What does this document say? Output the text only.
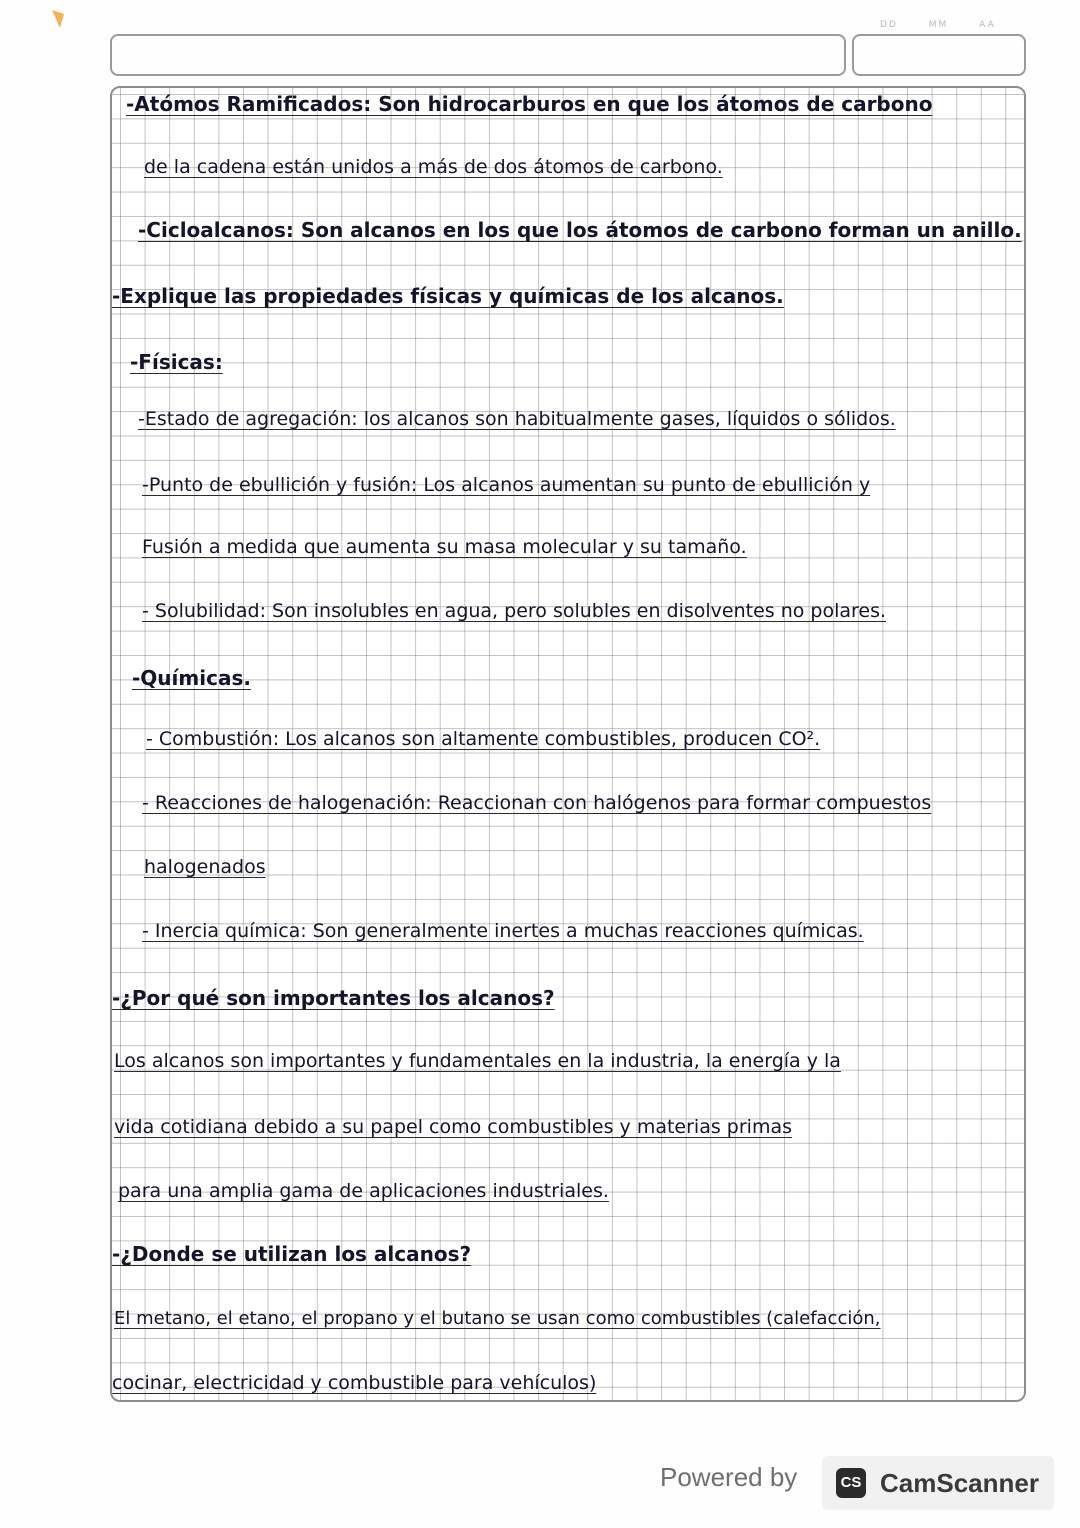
DD	MM	AA
-Atómos Ramificados: Son hidrocarburos en que los átomos de carbono
de la cadena están unidos a más de dos átomos de carbono.
-Cicloalcanos: Son alcanos en los que los átomos de carbono forman un anillo.
-Explique las propiedades físicas y químicas de los alcanos.
-Físicas:
-Estado de agregación: los alcanos son habitualmente gases, líquidos o sólidos.
-Punto de ebullición y fusión: Los alcanos aumentan su punto de ebullición y
Fusión a medida que aumenta su masa molecular y su tamaño.
- Solubilidad: Son insolubles en agua, pero solubles en disolventes no polares.
-Químicas.
- Combustión: Los alcanos son altamente combustibles, producen CO².
- Reacciones de halogenación: Reaccionan con halógenos para formar compuestos
halogenados
- Inercia química: Son generalmente inertes a muchas reacciones químicas.
-¿Por qué son importantes los alcanos?
Los alcanos son importantes y fundamentales en la industria, la energía y la
vida cotidiana debido a su papel como combustibles y materias primas
para una amplia gama de aplicaciones industriales.
-¿Donde se utilizan los alcanos?
El metano, el etano, el propano y el butano se usan como combustibles (calefacción,
cocinar, electricidad y combustible para vehículos)
Powered by	CS CamScanner
